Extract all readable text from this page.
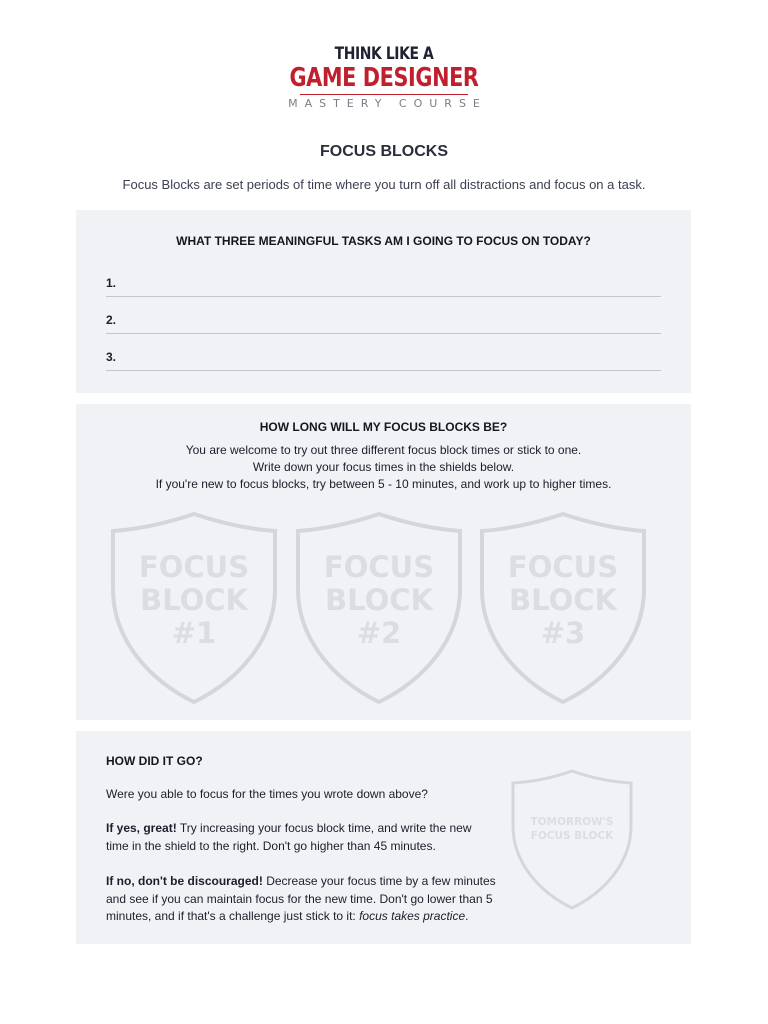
THINK LIKE A
GAME DESIGNER
MASTERY COURSE
FOCUS BLOCKS
Focus Blocks are set periods of time where you turn off all distractions and focus on a task.
WHAT THREE MEANINGFUL TASKS AM I GOING TO FOCUS ON TODAY?
1.
2.
3.
HOW LONG WILL MY FOCUS BLOCKS BE?
You are welcome to try out three different focus block times or stick to one.
Write down your focus times in the shields below.
If you're new to focus blocks, try between 5 - 10 minutes, and work up to higher times.
FOCUS
BLOCK
#1
FOCUS
BLOCK
#2
FOCUS
BLOCK
#3
HOW DID IT GO?
Were you able to focus for the times you wrote down above?
If yes, great! Try increasing your focus block time, and write the new time in the shield to the right. Don't go higher than 45 minutes.
If no, don't be discouraged! Decrease your focus time by a few minutes and see if you can maintain focus for the new time. Don't go lower than 5 minutes, and if that's a challenge just stick to it: focus takes practice.
TOMORROW'S
FOCUS BLOCK
